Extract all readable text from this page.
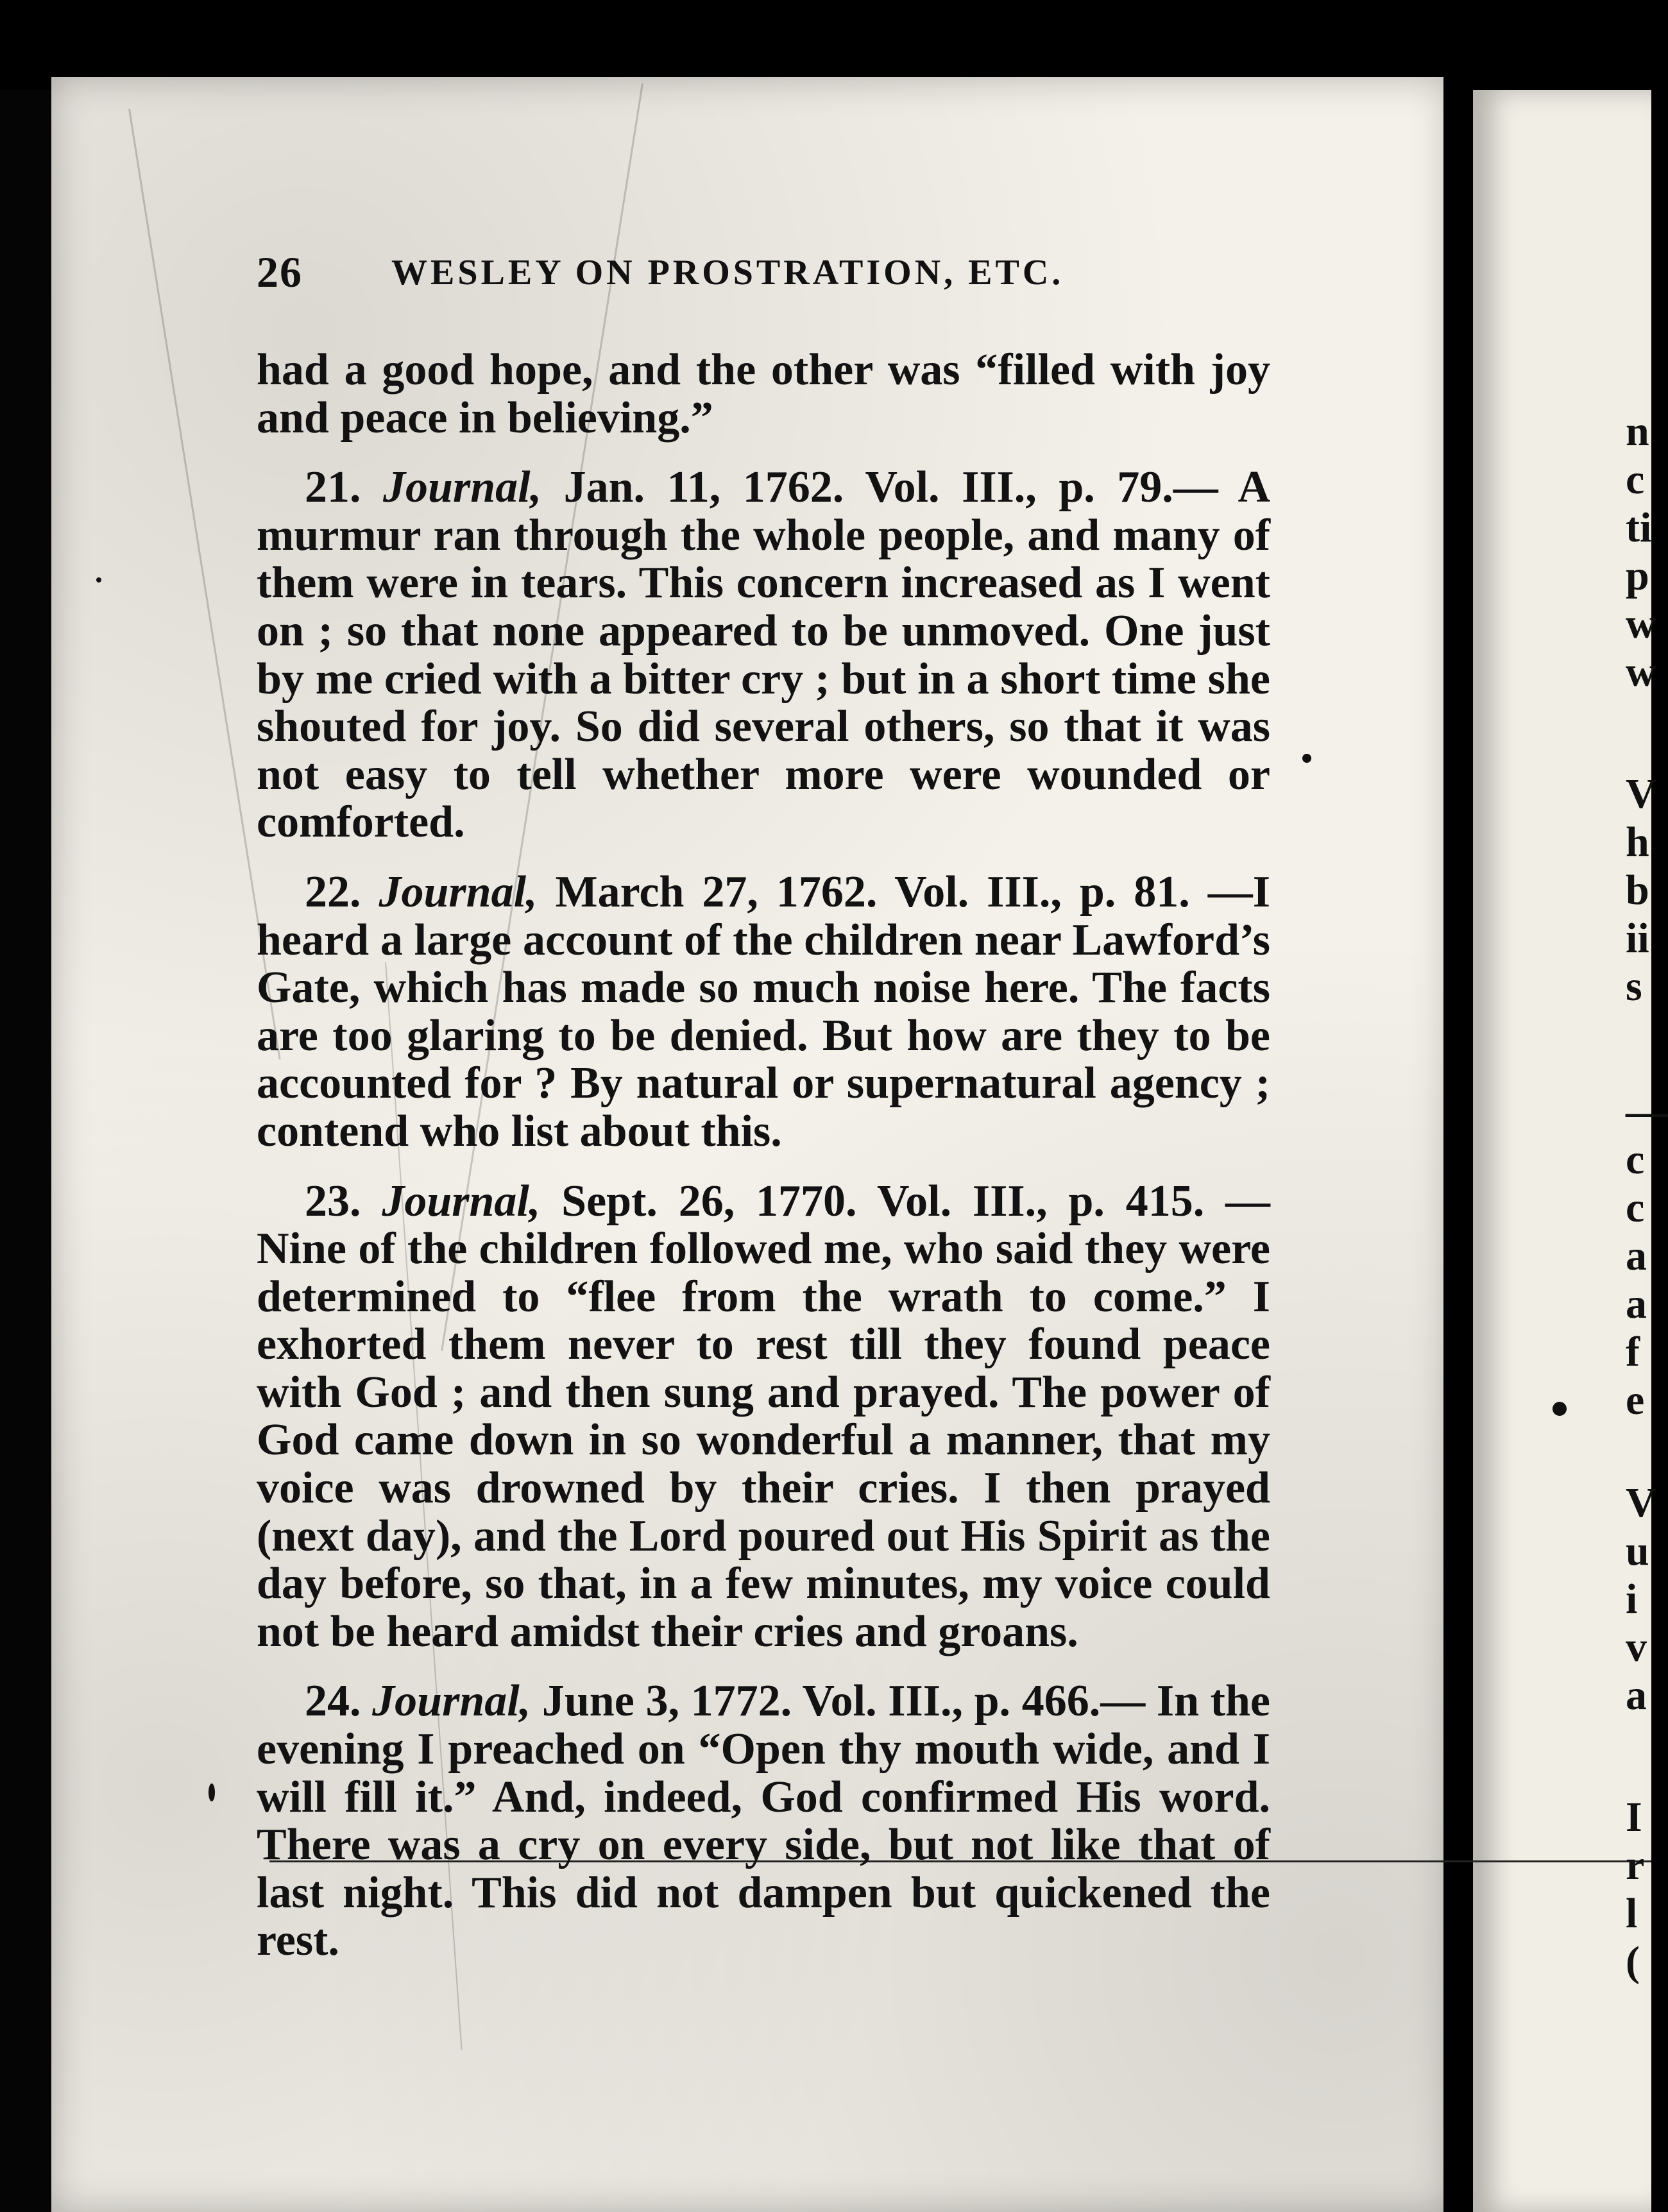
n
c
ti
p
w
w
V
h
b
ii
s
—
c
c
a
a
f
e
V
u
i
v
a
I
r
l
(
26 WESLEY ON PROSTRATION, ETC.

had a good hope, and the other was “filled with joy and peace in believing.”

21. Journal, Jan. 11, 1762. Vol. III., p. 79.— A murmur ran through the whole people, and many of them were in tears. This concern increased as I went on ; so that none appeared to be unmoved. One just by me cried with a bitter cry ; but in a short time she shouted for joy. So did several others, so that it was not easy to tell whether more were wounded or comforted.

22. Journal, March 27, 1762. Vol. III., p. 81. —I heard a large account of the children near Lawford’s Gate, which has made so much noise here. The facts are too glaring to be denied. But how are they to be accounted for ? By natural or supernatural agency ; contend who list about this.

23. Journal, Sept. 26, 1770. Vol. III., p. 415. —Nine of the children followed me, who said they were determined to “flee from the wrath to come.” I exhorted them never to rest till they found peace with God ; and then sung and prayed. The power of God came down in so wonderful a manner, that my voice was drowned by their cries. I then prayed (next day), and the Lord poured out His Spirit as the day before, so that, in a few minutes, my voice could not be heard amidst their cries and groans.

24. Journal, June 3, 1772. Vol. III., p. 466.— In the evening I preached on “Open thy mouth wide, and I will fill it.” And, indeed, God confirmed His word. There was a cry on every side, but not like that of last night. This did not dampen but quickened the rest.
